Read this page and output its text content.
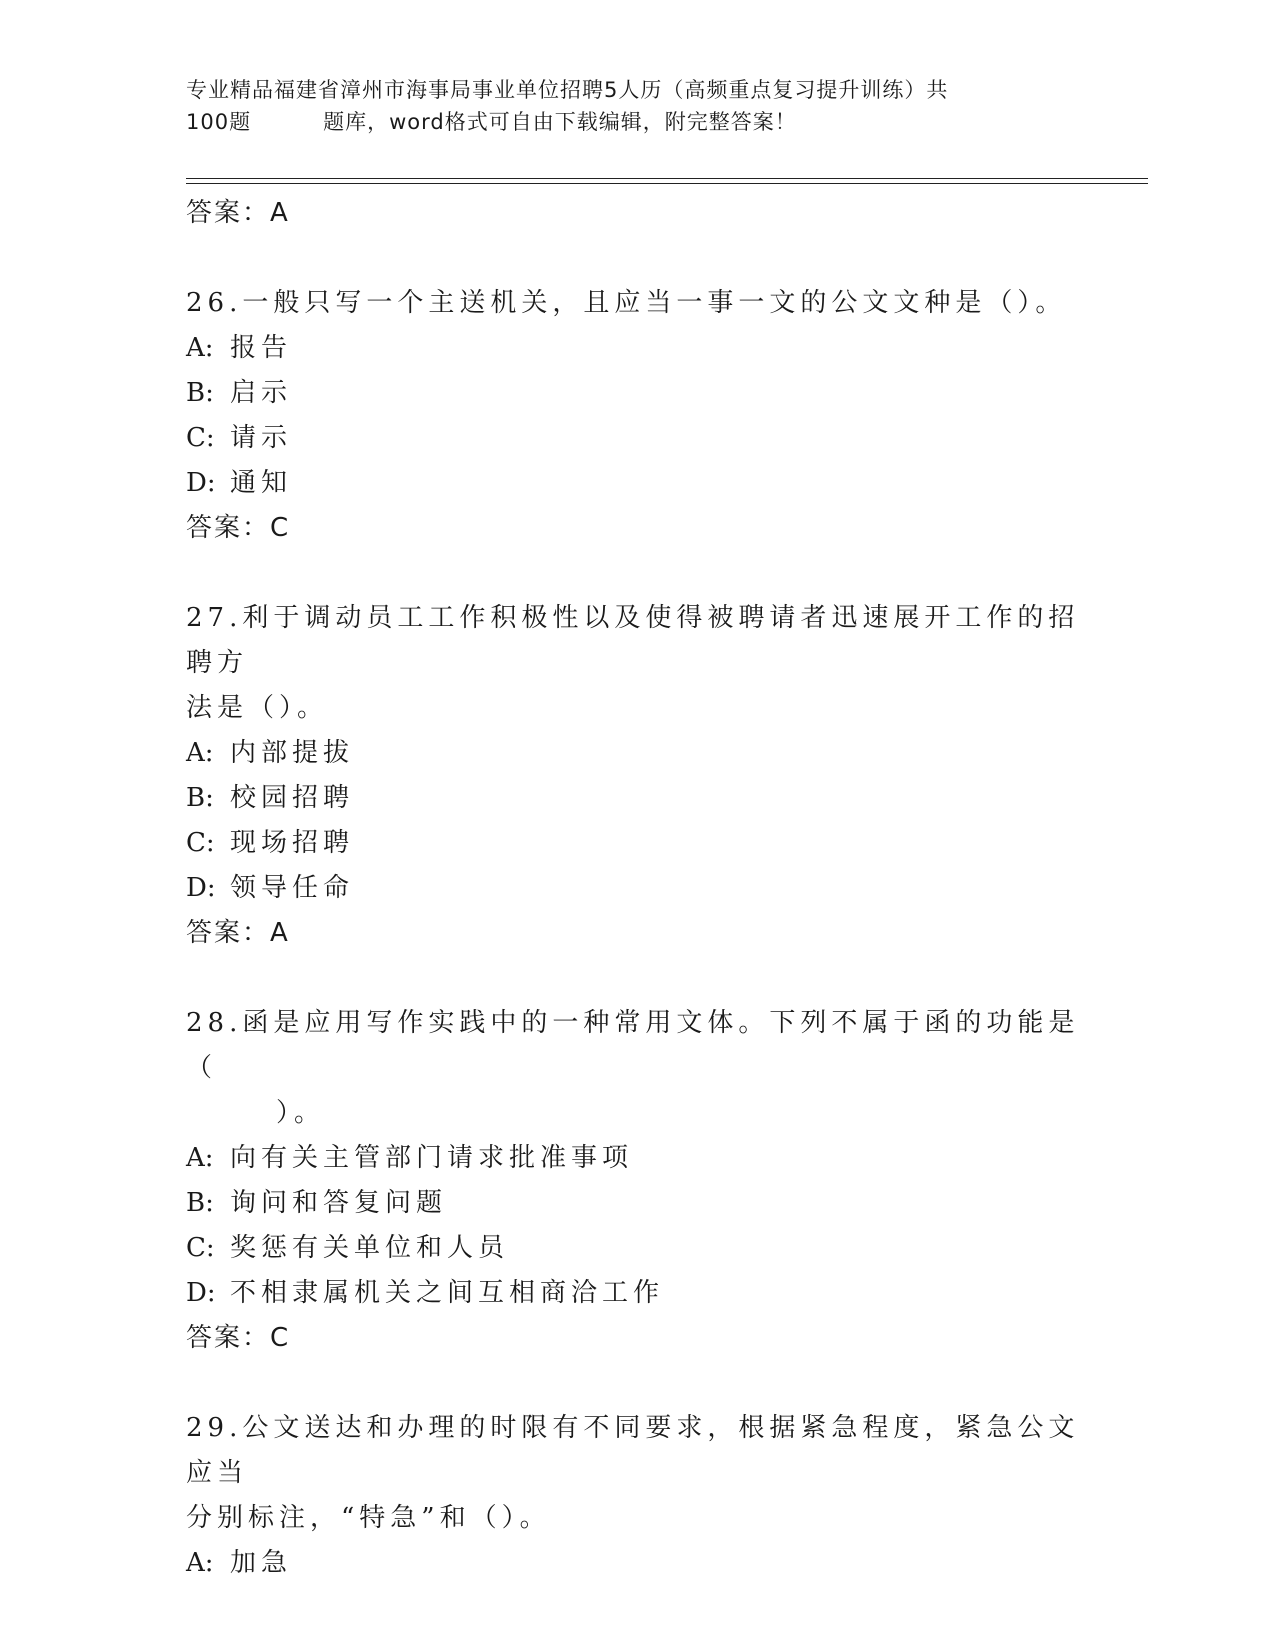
专业精品福建省漳州市海事局事业单位招聘5人历（高频重点复习提升训练）共
100题	题库，word格式可自由下载编辑，附完整答案！
答案：A
26.一般只写一个主送机关，且应当一事一文的公文文种是（）。
A: 报告
B: 启示
C: 请示
D: 通知
答案：C
27.利于调动员工工作积极性以及使得被聘请者迅速展开工作的招聘方
法是（）。
A: 内部提拔
B: 校园招聘
C: 现场招聘
D: 领导任命
答案：A
28.函是应用写作实践中的一种常用文体。下列不属于函的功能是（
）。
A: 向有关主管部门请求批准事项
B: 询问和答复问题
C: 奖惩有关单位和人员
D: 不相隶属机关之间互相商洽工作
答案：C
29.公文送达和办理的时限有不同要求，根据紧急程度，紧急公文应当
分别标注，“特急”和（）。
A: 加急
